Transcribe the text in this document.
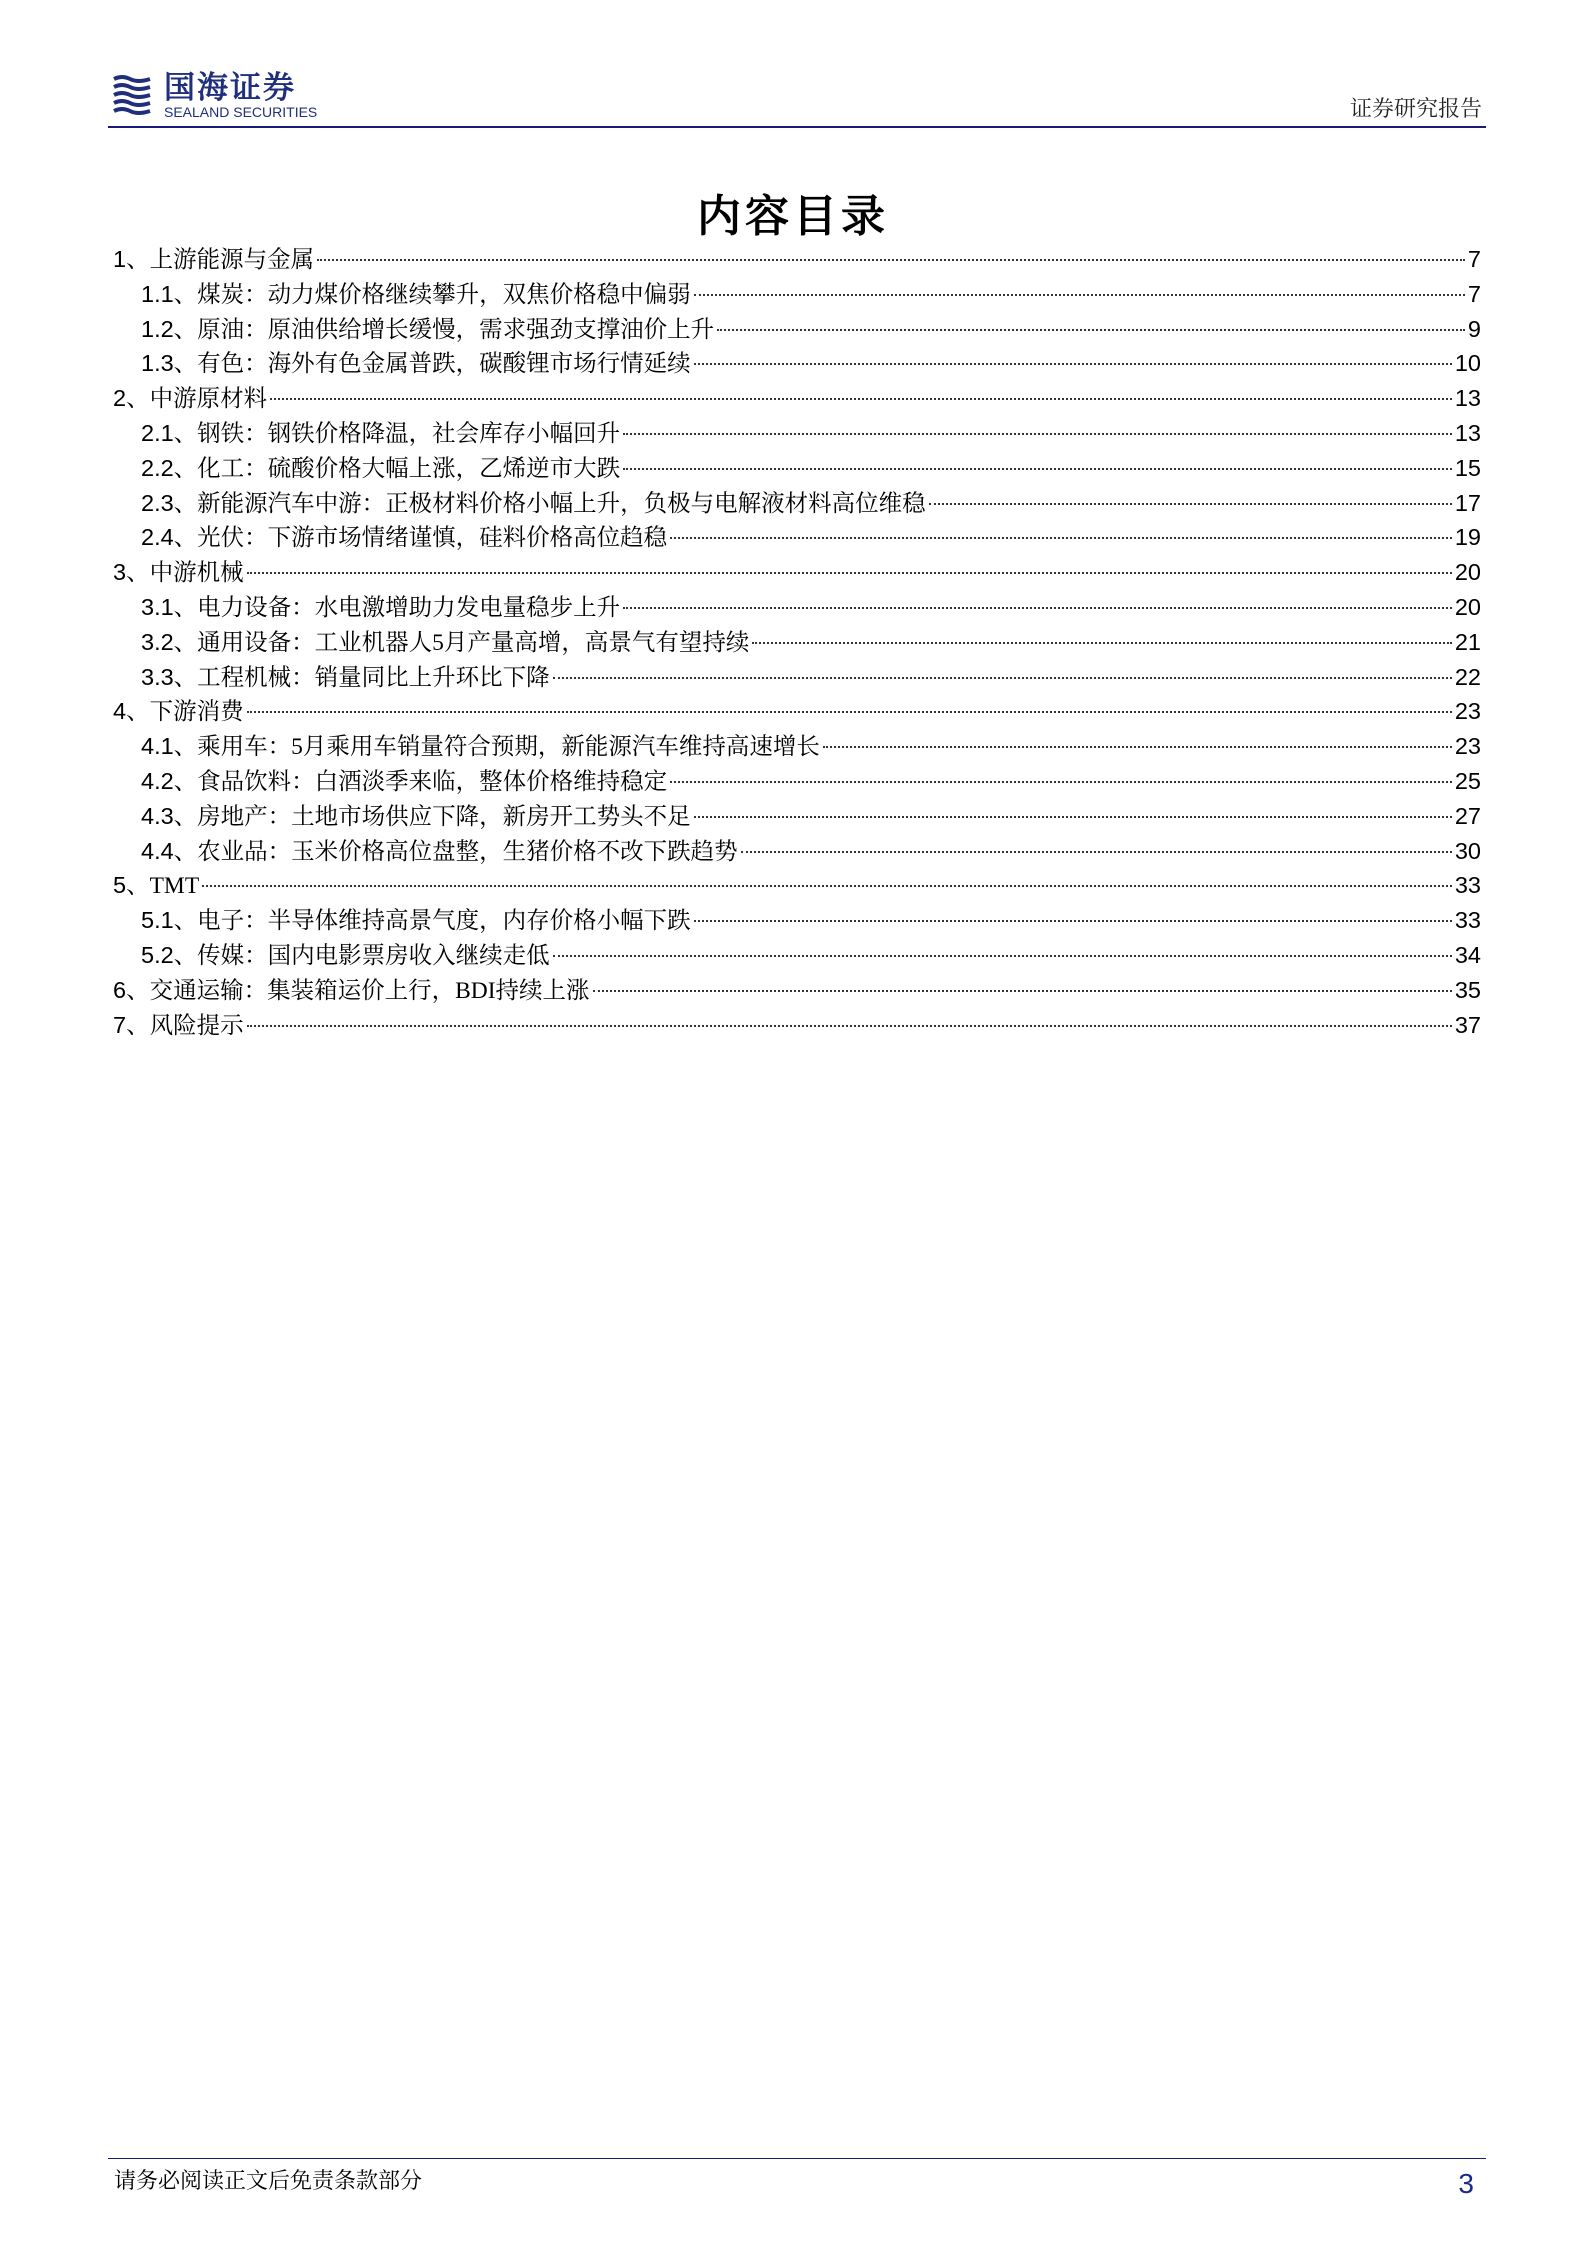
国海证券
SEALAND SECURITIES	证券研究报告
内容目录
1、 上游能源与金属	7
1.1、 煤炭：动力煤价格继续攀升，双焦价格稳中偏弱	7
1.2、 原油：原油供给增长缓慢，需求强劲支撑油价上升	9
1.3、 有色：海外有色金属普跌，碳酸锂市场行情延续	10
2、 中游原材料	13
2.1、 钢铁：钢铁价格降温，社会库存小幅回升	13
2.2、 化工：硫酸价格大幅上涨，乙烯逆市大跌	15
2.3、 新能源汽车中游：正极材料价格小幅上升，负极与电解液材料高位维稳	17
2.4、 光伏：下游市场情绪谨慎，硅料价格高位趋稳	19
3、 中游机械	20
3.1、 电力设备：水电激增助力发电量稳步上升	20
3.2、 通用设备：工业机器人5月产量高增，高景气有望持续	21
3.3、 工程机械：销量同比上升环比下降	22
4、 下游消费	23
4.1、 乘用车：5月乘用车销量符合预期，新能源汽车维持高速增长	23
4.2、 食品饮料：白酒淡季来临，整体价格维持稳定	25
4.3、 房地产：土地市场供应下降，新房开工势头不足	27
4.4、 农业品：玉米价格高位盘整，生猪价格不改下跌趋势	30
5、 TMT	33
5.1、 电子：半导体维持高景气度，内存价格小幅下跌	33
5.2、 传媒：国内电影票房收入继续走低	34
6、 交通运输：集装箱运价上行，BDI持续上涨	35
7、 风险提示	37
请务必阅读正文后免责条款部分	3
